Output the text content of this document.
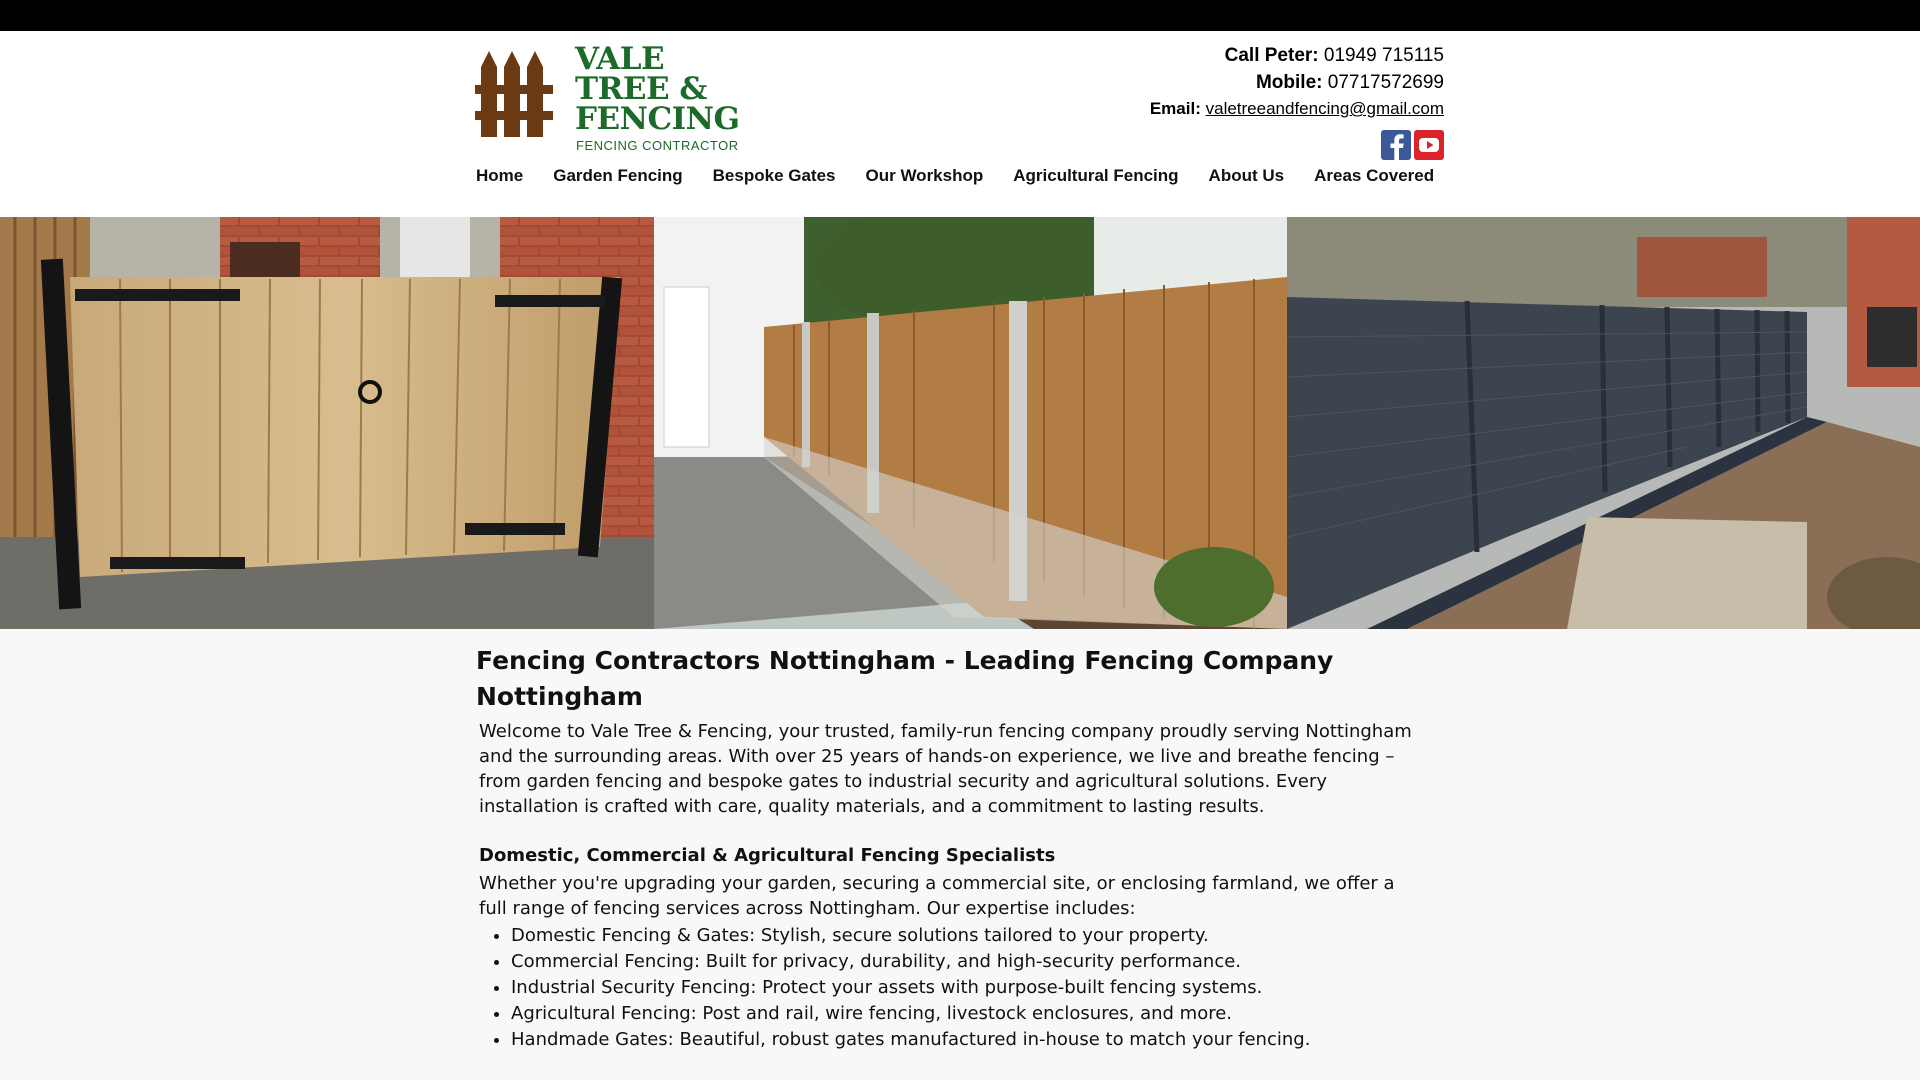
VALE
TREE &
FENCING
FENCING CONTRACTOR
Call Peter: 01949 715115
Mobile: 07717572699
Email: valetreeandfencing@gmail.com
Home	Garden Fencing	Bespoke Gates	Our Workshop	Agricultural Fencing	About Us	Areas Covered
Fencing Contractors Nottingham - Leading Fencing Company Nottingham

Welcome to Vale Tree & Fencing, your trusted, family-run fencing company proudly serving Nottingham and the surrounding areas. With over 25 years of hands-on experience, we live and breathe fencing – from garden fencing and bespoke gates to industrial security and agricultural solutions. Every installation is crafted with care, quality materials, and a commitment to lasting results.

Domestic, Commercial & Agricultural Fencing Specialists
Whether you're upgrading your garden, securing a commercial site, or enclosing farmland, we offer a full range of fencing services across Nottingham. Our expertise includes:
• Domestic Fencing & Gates: Stylish, secure solutions tailored to your property.
• Commercial Fencing: Built for privacy, durability, and high-security performance.
• Industrial Security Fencing: Protect your assets with purpose-built fencing systems.
• Agricultural Fencing: Post and rail, wire fencing, livestock enclosures, and more.
• Handmade Gates: Beautiful, robust gates manufactured in-house to match your fencing.
